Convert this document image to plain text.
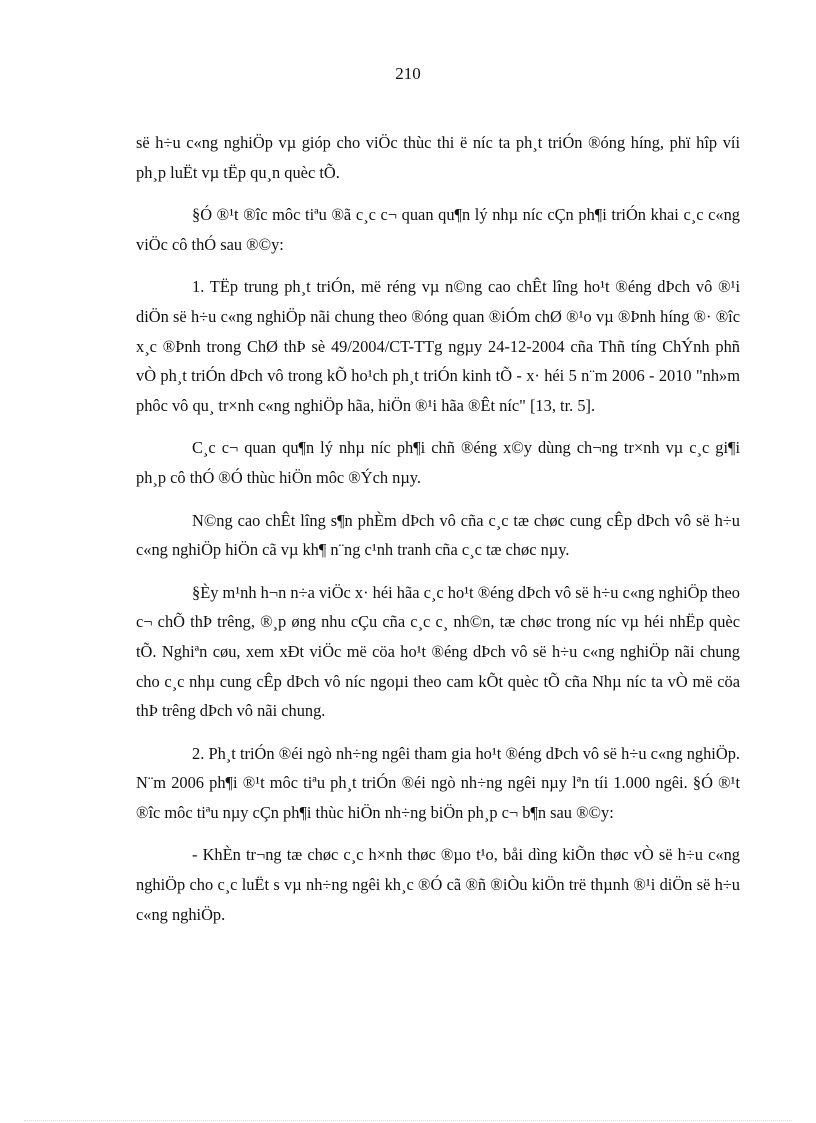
210

së h÷u c«ng nghiÖp vµ gióp cho viÖc thùc thi ë níc ta ph¸t triÓn ®óng híng, phï hîp víi ph¸p luËt vµ tËp qu¸n quèc tÕ.

§Ó ®¹t ®îc môc tiªu ®ã c¸c c¬ quan qu¶n lý nhµ níc cÇn ph¶i triÓn khai c¸c c«ng viÖc cô thÓ sau ®©y:

1. TËp trung ph¸t triÓn, më réng vµ n©ng cao chÊt lîng ho¹t ®éng dÞch vô ®¹i diÖn së h÷u c«ng nghiÖp nãi chung theo ®óng quan ®iÓm chØ ®¹o vµ ®Þnh híng ®· ®îc x¸c ®Þnh trong ChØ thÞ sè 49/2004/CT-TTg ngµy 24-12-2004 cña Thñ tíng ChÝnh phñ vÒ ph¸t triÓn dÞch vô trong kÕ ho¹ch ph¸t triÓn kinh tÕ - x· héi 5 n¨m 2006 - 2010 "nh»m phôc vô qu¸ tr×nh c«ng nghiÖp hãa, hiÖn ®¹i hãa ®Êt níc" [13, tr. 5].

C¸c c¬ quan qu¶n lý nhµ níc ph¶i chñ ®éng x©y dùng ch¬ng tr×nh vµ c¸c gi¶i ph¸p cô thÓ ®Ó thùc hiÖn môc ®Ých nµy.

N©ng cao chÊt lîng s¶n phÈm dÞch vô cña c¸c tæ chøc cung cÊp dÞch vô së h÷u c«ng nghiÖp hiÖn cã vµ kh¶ n¨ng c¹nh tranh cña c¸c tæ chøc nµy.

§Èy m¹nh h¬n n÷a viÖc x· héi hãa c¸c ho¹t ®éng dÞch vô së h÷u c«ng nghiÖp theo c¬ chÕ thÞ trêng, ®¸p øng nhu cÇu cña c¸c c¸ nh©n, tæ chøc trong níc vµ héi nhËp quèc tÕ. Nghiªn cøu, xem xÐt viÖc më cöa ho¹t ®éng dÞch vô së h÷u c«ng nghiÖp nãi chung cho c¸c nhµ cung cÊp dÞch vô níc ngoµi theo cam kÕt quèc tÕ cña Nhµ níc ta vÒ më cöa thÞ trêng dÞch vô nãi chung.

2. Ph¸t triÓn ®éi ngò nh÷ng ngêi tham gia ho¹t ®éng dÞch vô së h÷u c«ng nghiÖp. N¨m 2006 ph¶i ®¹t môc tiªu ph¸t triÓn ®éi ngò nh÷ng ngêi nµy lªn tíi 1.000 ngêi. §Ó ®¹t ®îc môc tiªu nµy cÇn ph¶i thùc hiÖn nh÷ng biÖn ph¸p c¬ b¶n sau ®©y:

- KhÈn tr¬ng tæ chøc c¸c h×nh thøc ®µo t¹o, båi dìng kiÕn thøc vÒ së h÷u c«ng nghiÖp cho c¸c luËt s vµ nh÷ng ngêi kh¸c ®Ó cã ®ñ ®iÒu kiÖn trë thµnh ®¹i diÖn së h÷u c«ng nghiÖp.
